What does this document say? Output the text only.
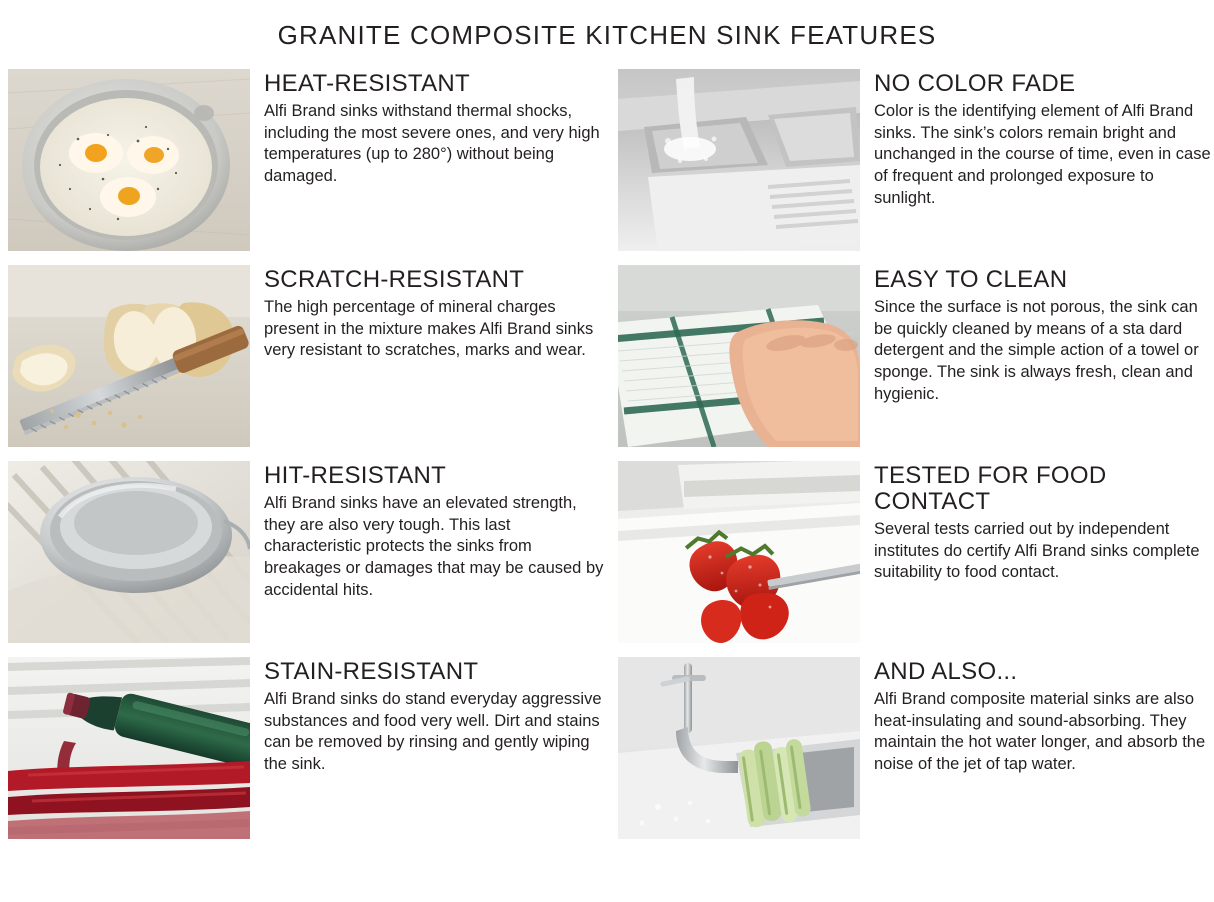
GRANITE COMPOSITE KITCHEN SINK FEATURES
HEAT-RESISTANT

Alfi Brand sinks withstand thermal shocks, including the most severe ones, and very high temperatures (up to 280°) without being damaged.

NO COLOR FADE

Color is the identifying element of Alfi Brand sinks. The sink’s colors remain bright and unchanged in the course of time, even in case of frequent and prolonged exposure to sunlight.

SCRATCH-RESISTANT

The high percentage of mineral charges present in the mixture makes Alfi Brand sinks very resistant to scratches, marks and wear.

EASY TO CLEAN

Since the surface is not porous, the sink can be quickly cleaned by means of a sta dard detergent and the simple action of a towel or sponge. The sink is always fresh, clean and hygienic.

HIT-RESISTANT

Alfi Brand sinks have an elevated strength, they are also very tough. This last characteristic protects the sinks from breakages or damages that may be caused by accidental hits.

TESTED FOR FOOD CONTACT

Several tests carried out by independent institutes do certify Alfi Brand sinks complete suitability to food contact.

STAIN-RESISTANT

Alfi Brand sinks do stand everyday aggressive substances and food very well. Dirt and stains can be removed by rinsing and gently wiping the sink.

AND ALSO...

Alfi Brand composite material sinks are also heat-insulating and sound-absorbing. They maintain the hot water longer, and absorb the noise of the jet of tap water.
